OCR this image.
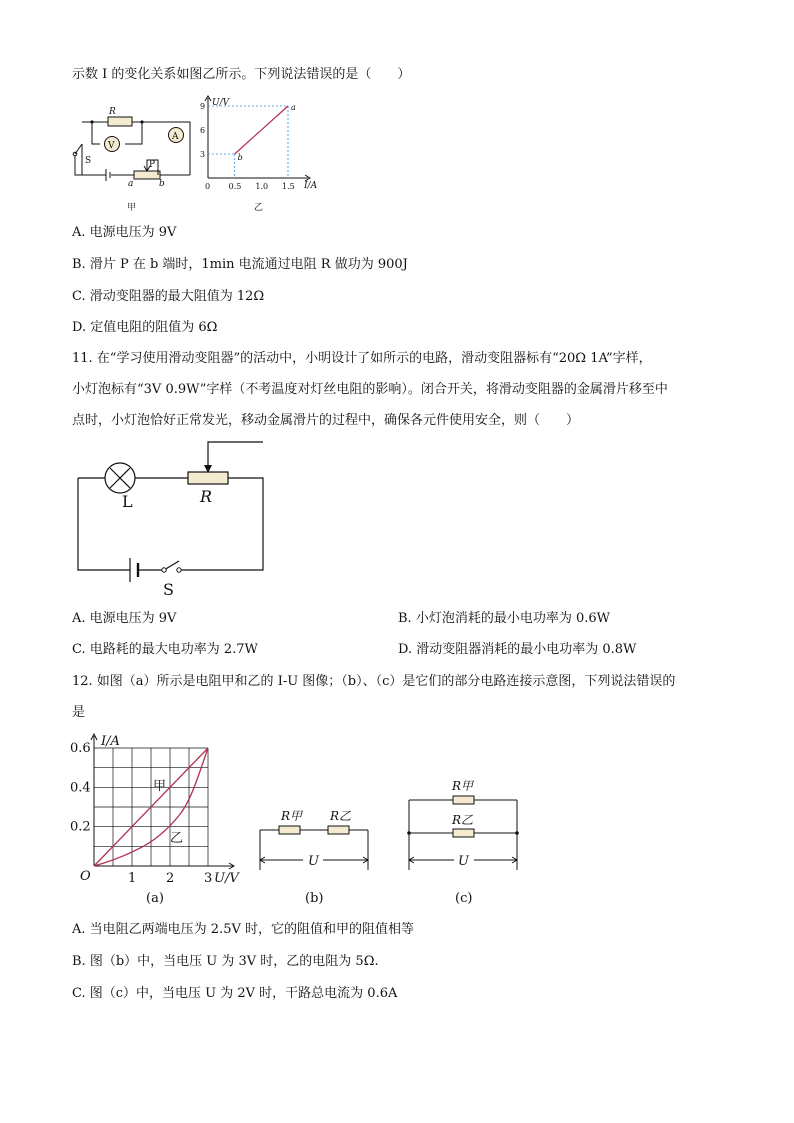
示数 I 的变化关系如图乙所示。下列说法错误的是（　　）
R
V
A
S	P
a	b
甲
U/V
I/A
9
6
3
0 0.5 1.0 1.5
a
b
乙
A. 电源电压为 9V
B. 滑片 P 在 b 端时，1min 电流通过电阻 R 做功为 900J
C. 滑动变阻器的最大阻值为 12Ω
D. 定值电阻的阻值为 6Ω
11. 在“学习使用滑动变阻器”的活动中，小明设计了如所示的电路，滑动变阻器标有“20Ω 1A”字样，
小灯泡标有“3V 0.9W”字样（不考温度对灯丝电阻的影响）。闭合开关，将滑动变阻器的金属滑片移至中
点时，小灯泡恰好正常发光，移动金属滑片的过程中，确保各元件使用安全，则（　　）
L	R
S
A. 电源电压为 9V	B. 小灯泡消耗的最小电功率为 0.6W
C. 电路耗的最大电功率为 2.7W	D. 滑动变阻器消耗的最小电功率为 0.8W
12. 如图（a）所示是电阻甲和乙的 I-U 图像；（b）、（c）是它们的部分电路连接示意图，下列说法错误的
是
I/A
U/V
O
0.6
0.4
0.2
1 2 3
甲
乙
(a)
R甲 R乙
U
(b)
R甲
R乙
U
(c)
A. 当电阻乙两端电压为 2.5V 时，它的阻值和甲的阻值相等
B. 图（b）中，当电压 U 为 3V 时，乙的电阻为 5Ω.
C. 图（c）中，当电压 U 为 2V 时，干路总电流为 0.6A
